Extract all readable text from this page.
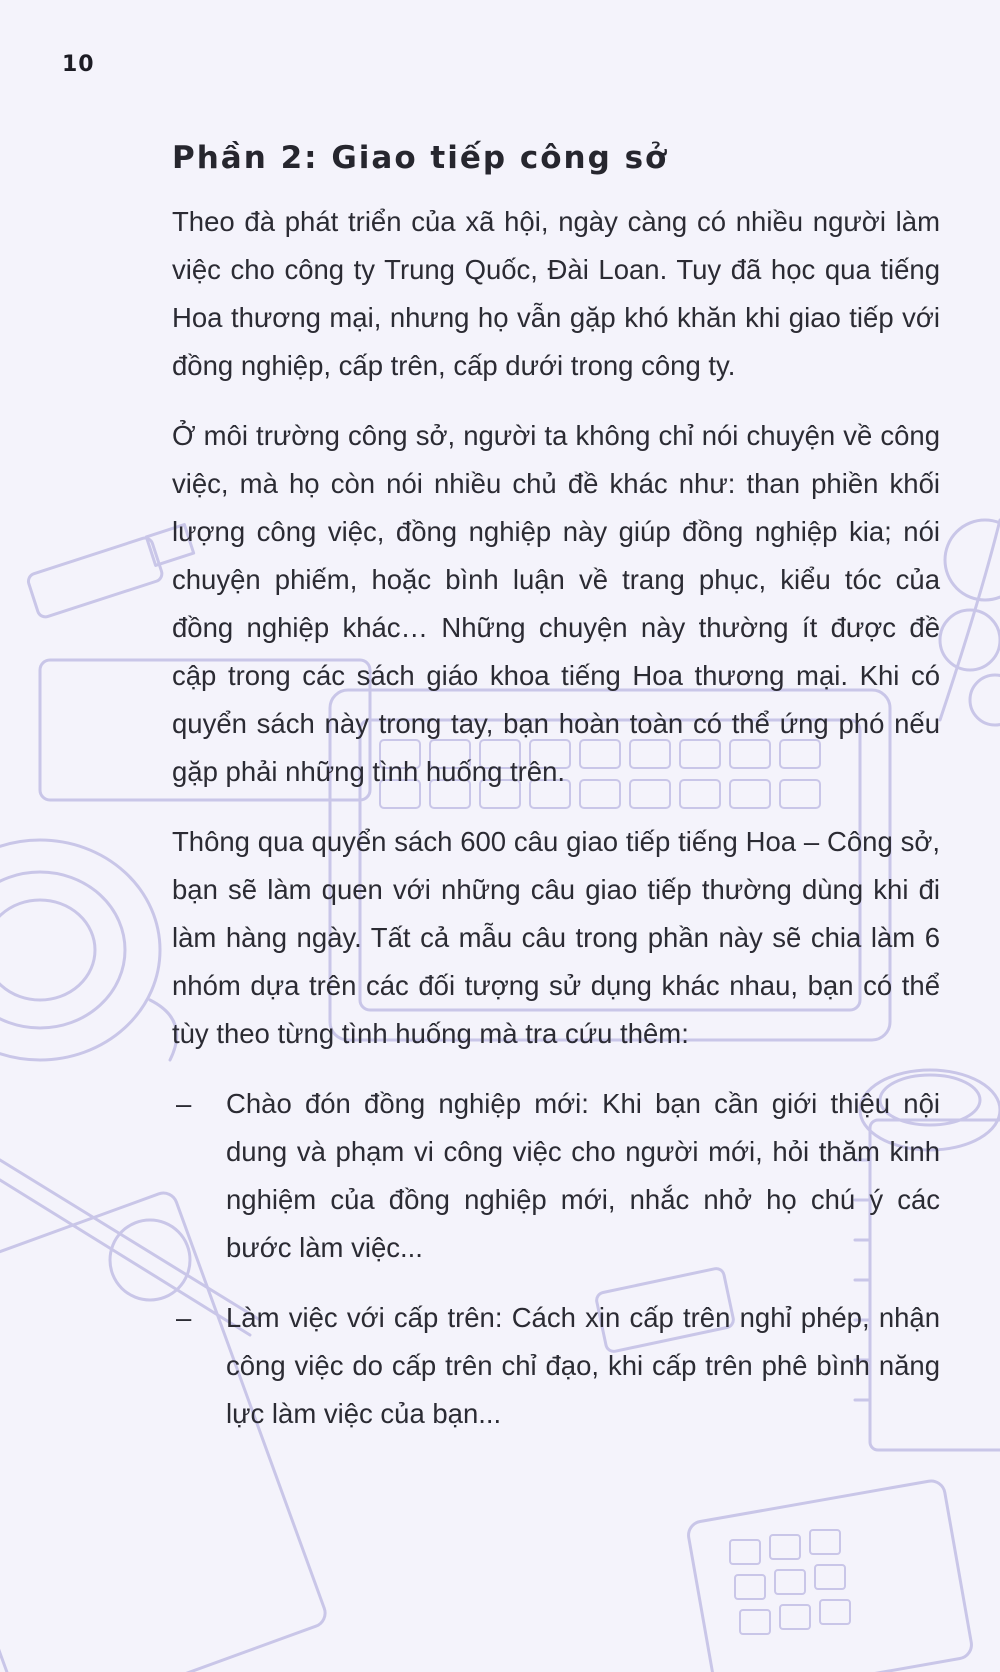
10
Phần 2: Giao tiếp công sở

Theo đà phát triển của xã hội, ngày càng có nhiều người làm việc cho công ty Trung Quốc, Đài Loan. Tuy đã học qua tiếng Hoa thương mại, nhưng họ vẫn gặp khó khăn khi giao tiếp với đồng nghiệp, cấp trên, cấp dưới trong công ty.

Ở môi trường công sở, người ta không chỉ nói chuyện về công việc, mà họ còn nói nhiều chủ đề khác như: than phiền khối lượng công việc, đồng nghiệp này giúp đồng nghiệp kia; nói chuyện phiếm, hoặc bình luận về trang phục, kiểu tóc của đồng nghiệp khác… Những chuyện này thường ít được đề cập trong các sách giáo khoa tiếng Hoa thương mại. Khi có quyển sách này trong tay, bạn hoàn toàn có thể ứng phó nếu gặp phải những tình huống trên.

Thông qua quyển sách 600 câu giao tiếp tiếng Hoa – Công sở, bạn sẽ làm quen với những câu giao tiếp thường dùng khi đi làm hàng ngày. Tất cả mẫu câu trong phần này sẽ chia làm 6 nhóm dựa trên các đối tượng sử dụng khác nhau, bạn có thể tùy theo từng tình huống mà tra cứu thêm:

– Chào đón đồng nghiệp mới: Khi bạn cần giới thiệu nội dung và phạm vi công việc cho người mới, hỏi thăm kinh nghiệm của đồng nghiệp mới, nhắc nhở họ chú ý các bước làm việc...
– Làm việc với cấp trên: Cách xin cấp trên nghỉ phép, nhận công việc do cấp trên chỉ đạo, khi cấp trên phê bình năng lực làm việc của bạn...
